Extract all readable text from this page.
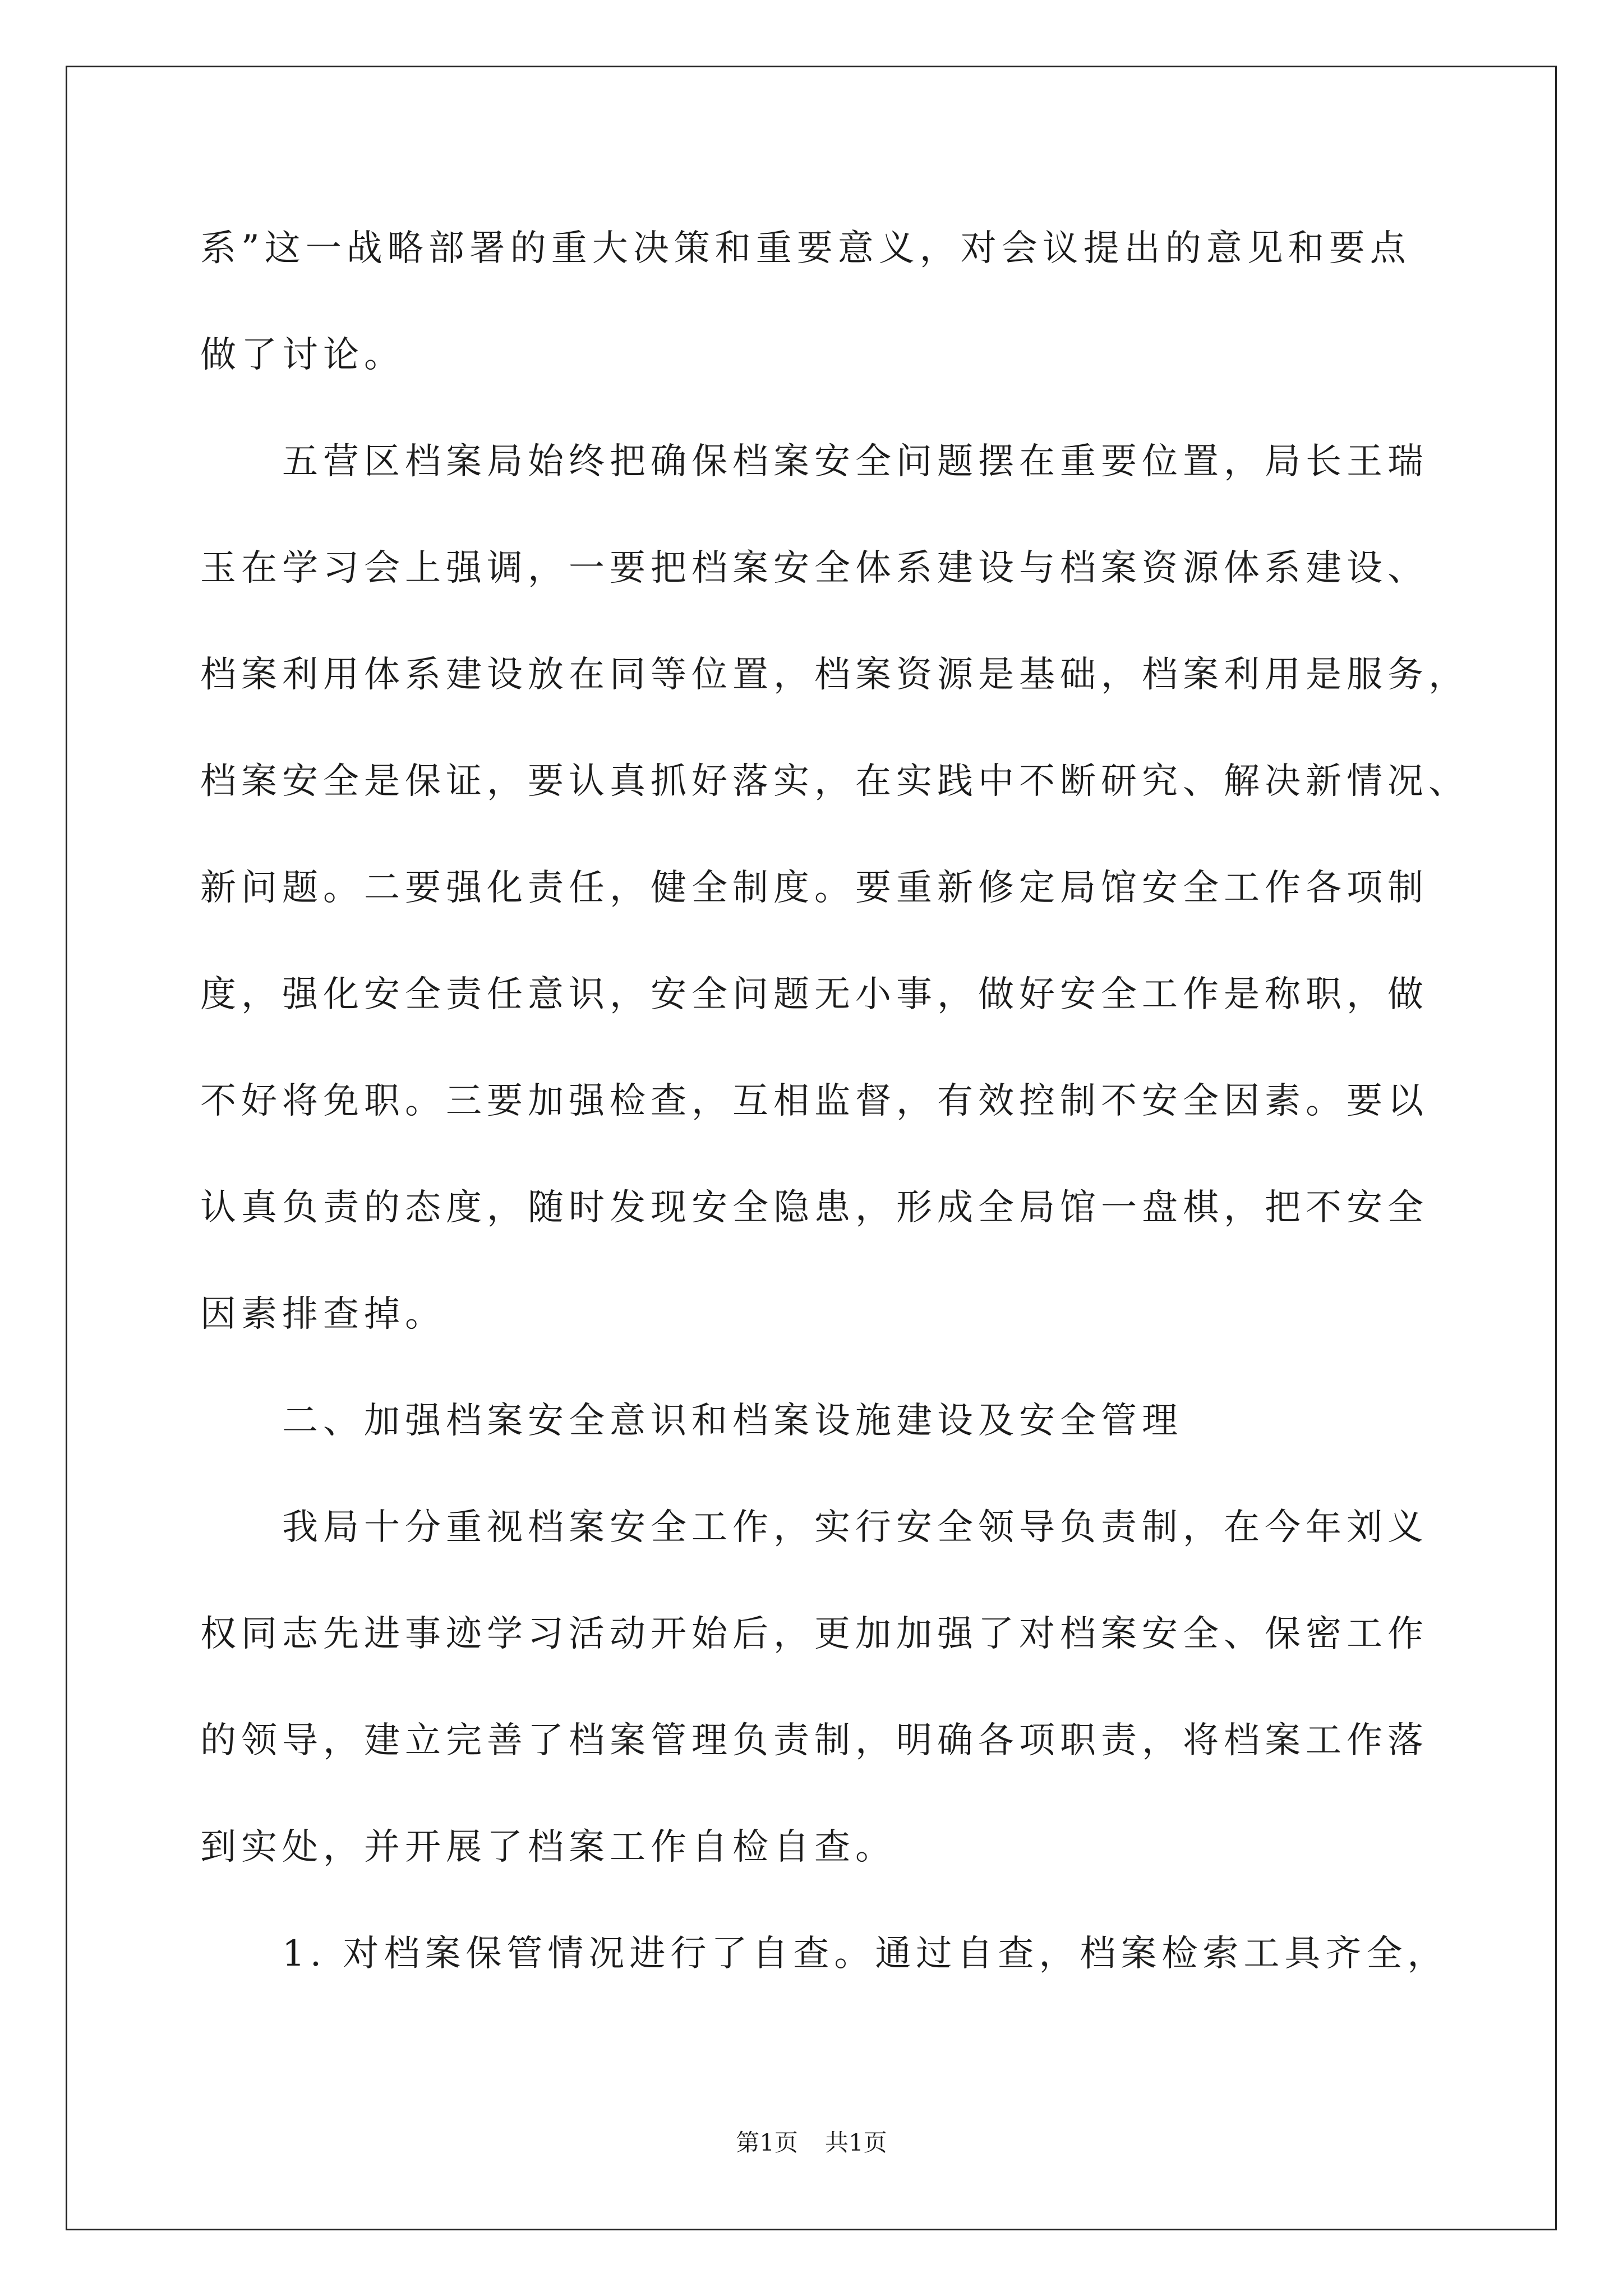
系”这一战略部署的重大决策和重要意义，对会议提出的意见和要点
做了讨论。
五营区档案局始终把确保档案安全问题摆在重要位置，局长王瑞
玉在学习会上强调，一要把档案安全体系建设与档案资源体系建设、
档案利用体系建设放在同等位置，档案资源是基础，档案利用是服务，
档案安全是保证，要认真抓好落实，在实践中不断研究、解决新情况、
新问题。二要强化责任，健全制度。要重新修定局馆安全工作各项制
度，强化安全责任意识，安全问题无小事，做好安全工作是称职，做
不好将免职。三要加强检查，互相监督，有效控制不安全因素。要以
认真负责的态度，随时发现安全隐患，形成全局馆一盘棋，把不安全
因素排查掉。
二、加强档案安全意识和档案设施建设及安全管理
我局十分重视档案安全工作，实行安全领导负责制，在今年刘义
权同志先进事迹学习活动开始后，更加加强了对档案安全、保密工作
的领导，建立完善了档案管理负责制，明确各项职责，将档案工作落
到实处，并开展了档案工作自检自查。
1. 对档案保管情况进行了自查。通过自查，档案检索工具齐全，
第1页 共1页
